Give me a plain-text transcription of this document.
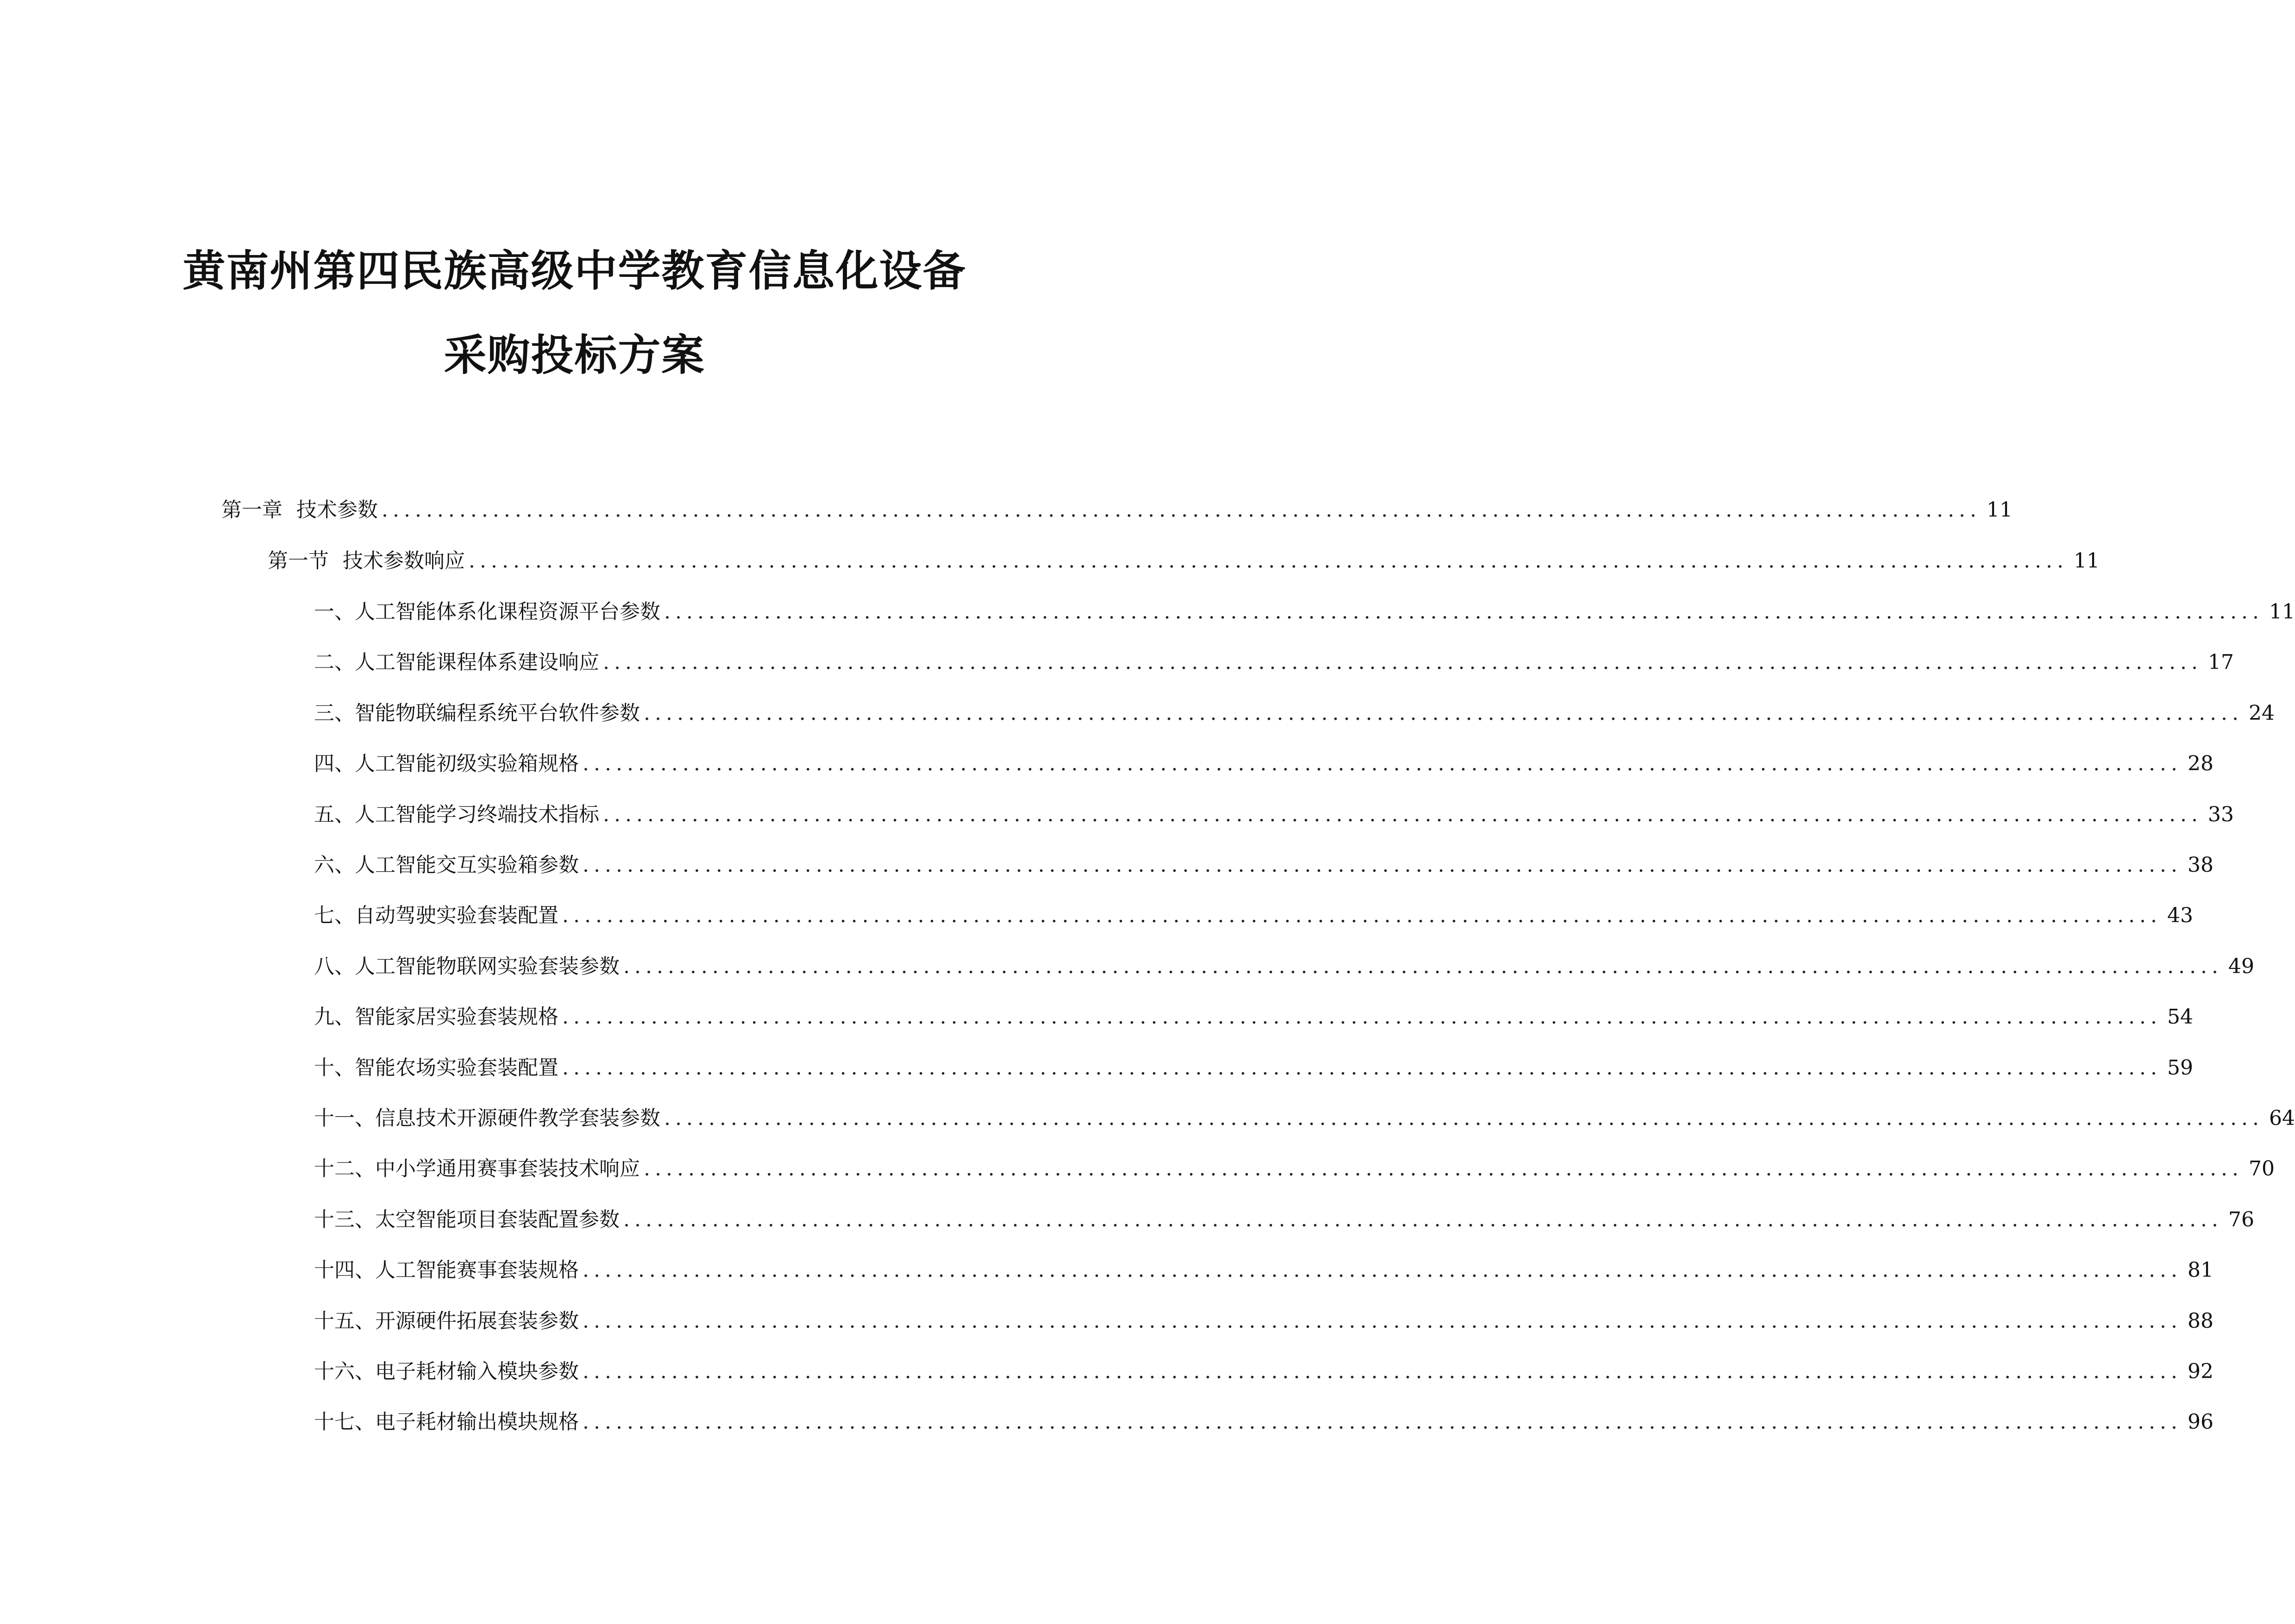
黄南州第四民族高级中学教育信息化设备
采购投标方案
第一章 技术参数 ................................................................................................................................................ 11
第一节 技术参数响应 ................................................................................................................................................ 11
一、 人工智能体系化课程资源平台参数 ................................................................................................................................................ 11
二、 人工智能课程体系建设响应 ................................................................................................................................................ 17
三、 智能物联编程系统平台软件参数 ................................................................................................................................................ 24
四、 人工智能初级实验箱规格 ................................................................................................................................................ 28
五、 人工智能学习终端技术指标 ................................................................................................................................................ 33
六、 人工智能交互实验箱参数 ................................................................................................................................................ 38
七、 自动驾驶实验套装配置 ................................................................................................................................................ 43
八、 人工智能物联网实验套装参数 ................................................................................................................................................ 49
九、 智能家居实验套装规格 ................................................................................................................................................ 54
十、 智能农场实验套装配置 ................................................................................................................................................ 59
十一、 信息技术开源硬件教学套装参数 ................................................................................................................................................ 64
十二、 中小学通用赛事套装技术响应 ................................................................................................................................................ 70
十三、 太空智能项目套装配置参数 ................................................................................................................................................ 76
十四、 人工智能赛事套装规格 ................................................................................................................................................ 81
十五、 开源硬件拓展套装参数 ................................................................................................................................................ 88
十六、 电子耗材输入模块参数 ................................................................................................................................................ 92
十七、 电子耗材输出模块规格 ................................................................................................................................................ 96
